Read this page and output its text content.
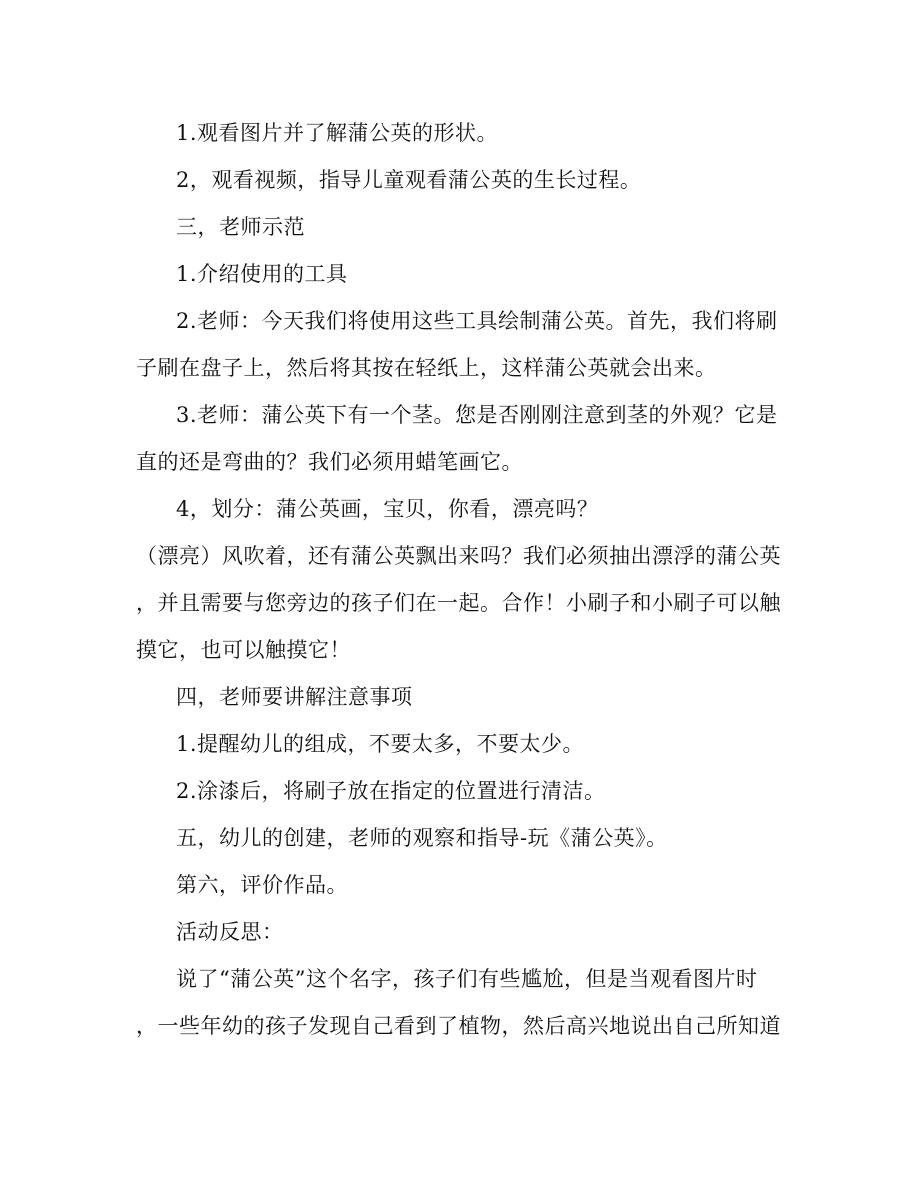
1.观看图片并了解蒲公英的形状。
2，观看视频，指导儿童观看蒲公英的生长过程。
三，老师示范
1.介绍使用的工具
2.老师：今天我们将使用这些工具绘制蒲公英。首先，我们将刷
子刷在盘子上，然后将其按在轻纸上，这样蒲公英就会出来。
3.老师：蒲公英下有一个茎。您是否刚刚注意到茎的外观？它是
直的还是弯曲的？我们必须用蜡笔画它。
4，划分：蒲公英画，宝贝，你看，漂亮吗？
（漂亮）风吹着，还有蒲公英飘出来吗？我们必须抽出漂浮的蒲公英
，并且需要与您旁边的孩子们在一起。合作！小刷子和小刷子可以触
摸它，也可以触摸它！
四，老师要讲解注意事项
1.提醒幼儿的组成，不要太多，不要太少。
2.涂漆后，将刷子放在指定的位置进行清洁。
五，幼儿的创建，老师的观察和指导-玩《蒲公英》。
第六，评价作品。
活动反思：
说了“蒲公英”这个名字，孩子们有些尴尬，但是当观看图片时
，一些年幼的孩子发现自己看到了植物，然后高兴地说出自己所知道
